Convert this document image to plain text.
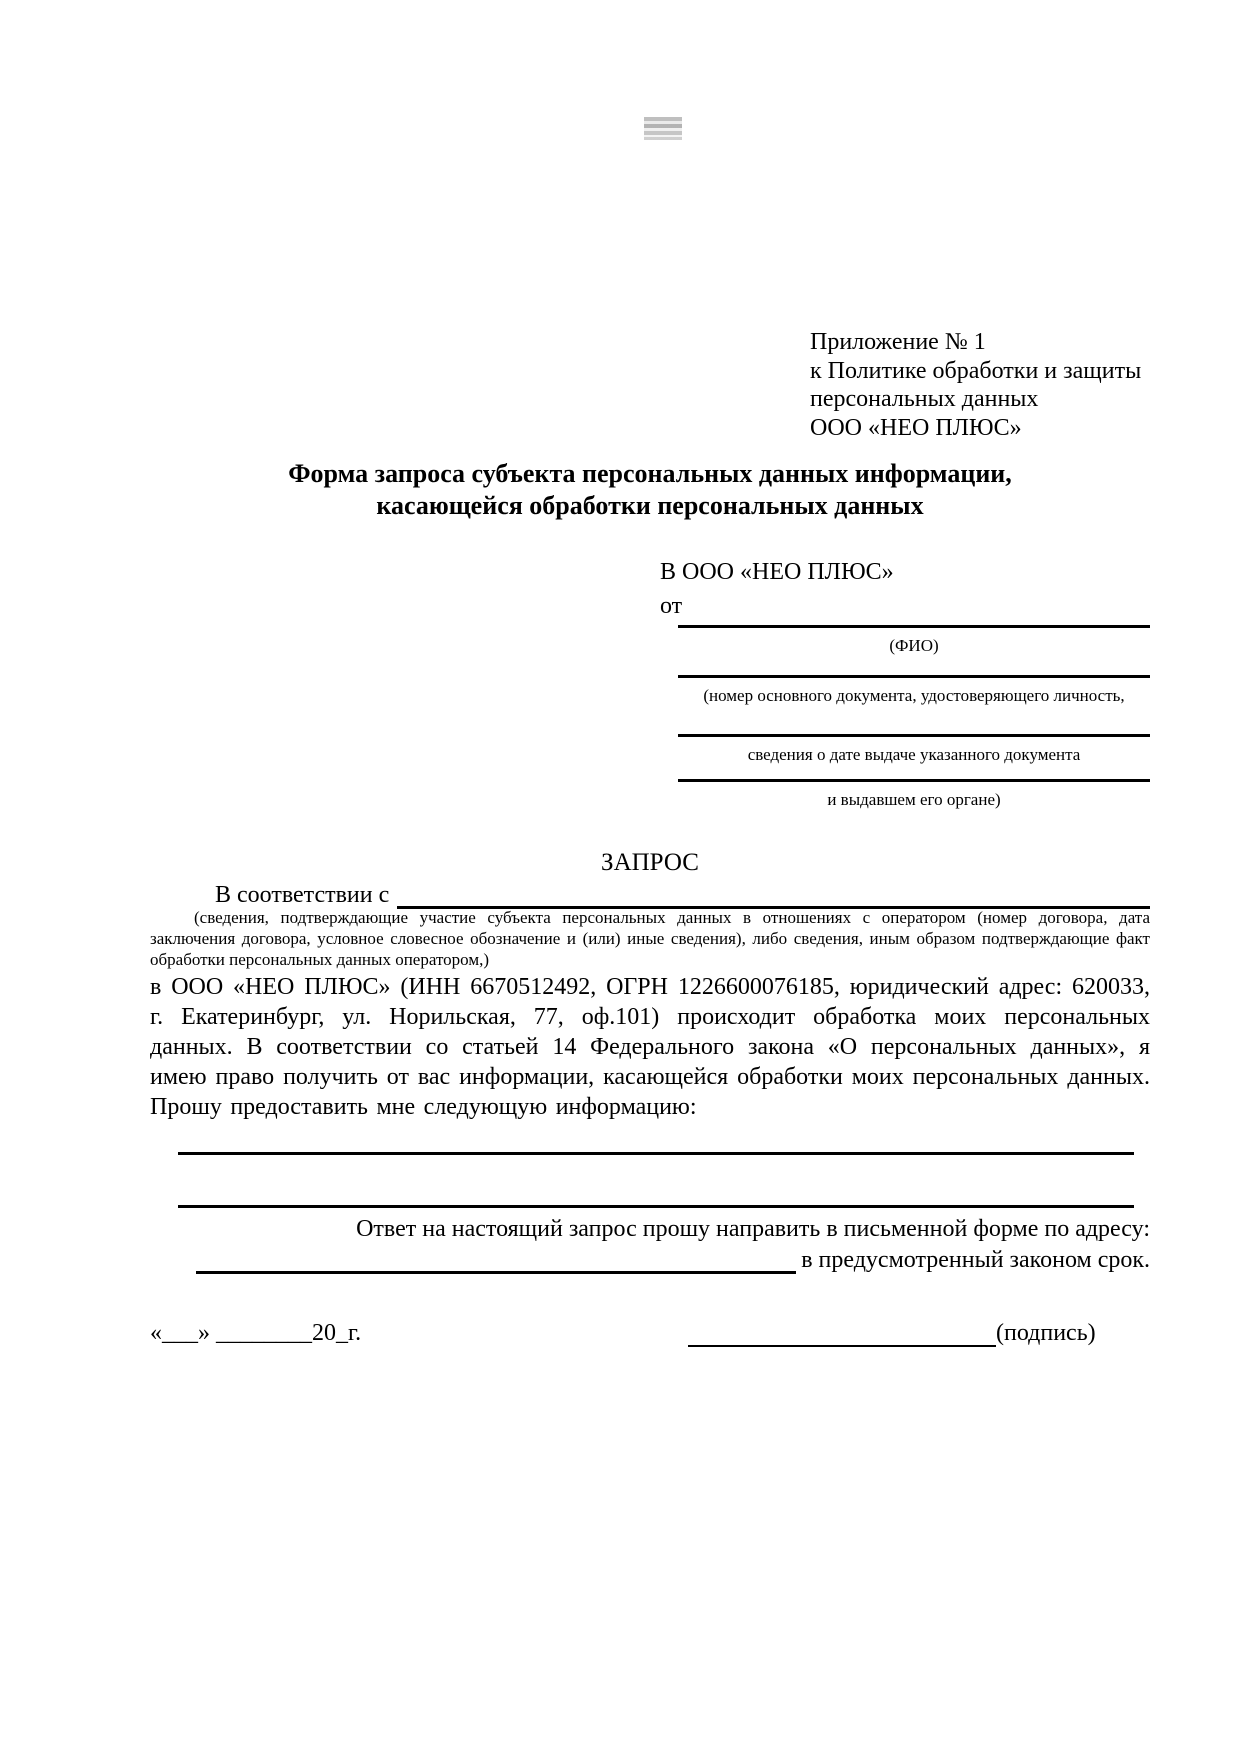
Приложение № 1
к Политике обработки и защиты
персональных данных
ООО «НЕО ПЛЮС»
Форма запроса субъекта персональных данных информации,
касающейся обработки персональных данных
В ООО «НЕО ПЛЮС»
от
(ФИО)
(номер основного документа, удостоверяющего личность,
сведения о дате выдаче указанного документа
и выдавшем его органе)
ЗАПРОС
В соответствии с
(сведения, подтверждающие участие субъекта персональных данных в отношениях с оператором (номер договора, дата заключения договора, условное словесное обозначение и (или) иные сведения), либо сведения, иным образом подтверждающие факт обработки персональных данных оператором,)
в ООО «НЕО ПЛЮС» (ИНН 6670512492, ОГРН 1226600076185, юридический адрес: 620033, г. Екатеринбург, ул. Норильская, 77, оф.101) происходит обработка моих персональных данных. В соответствии со статьей 14 Федерального закона «О персональных данных», я имею право получить от вас информации, касающейся обработки моих персональных данных. Прошу предоставить мне следующую информацию:
Ответ на настоящий запрос прошу направить в письменной форме по адресу:
в предусмотренный законом срок.
«___» ________20_г.	(подпись)
